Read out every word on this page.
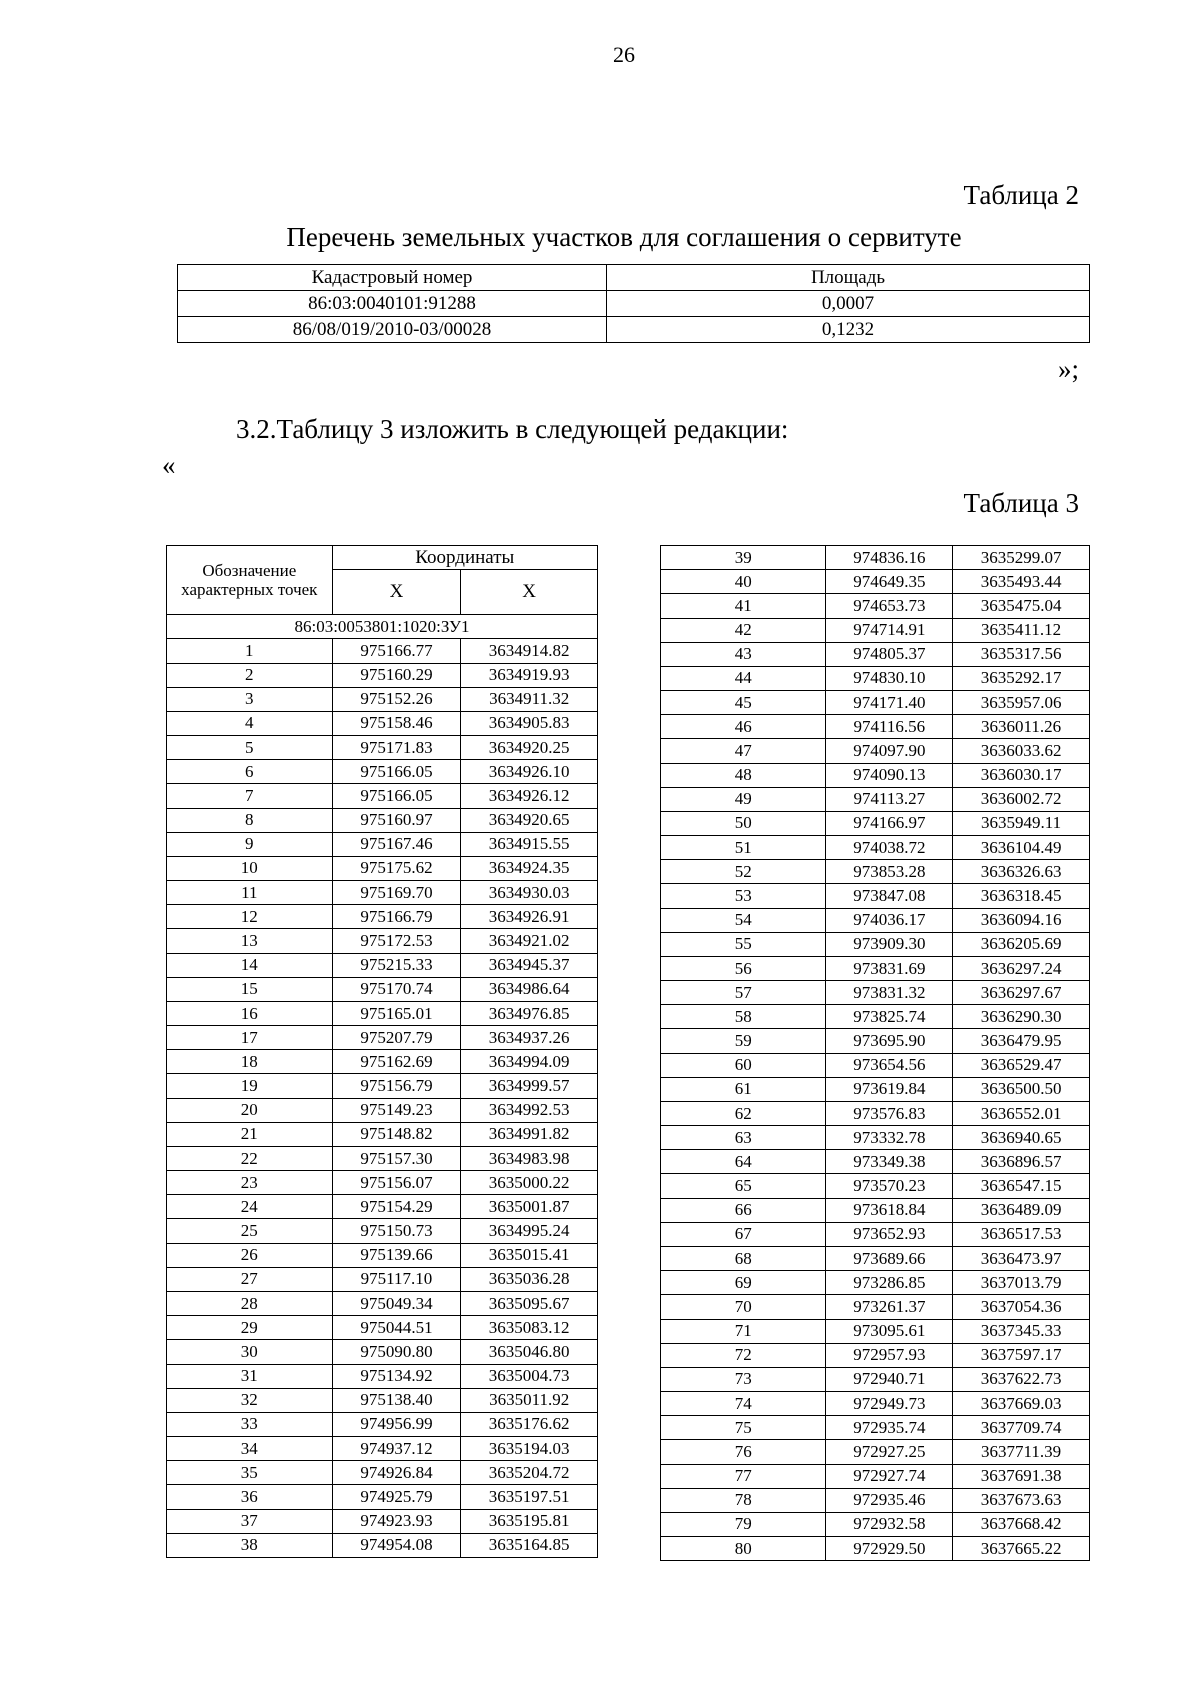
26
Таблица 2
Перечень земельных участков для соглашения о сервитуте
Кадастровый номер	Площадь
86:03:0040101:91288	0,0007
86/08/019/2010-03/00028	0,1232
»;
3.2.Таблицу 3 изложить в следующей редакции:
«
Таблица 3
Обозначение характерных точек	Координаты	
	X	X
86:03:0053801:1020:ЗУ1		
1	975166.77	3634914.82
2	975160.29	3634919.93
3	975152.26	3634911.32
4	975158.46	3634905.83
5	975171.83	3634920.25
6	975166.05	3634926.10
7	975166.05	3634926.12
8	975160.97	3634920.65
9	975167.46	3634915.55
10	975175.62	3634924.35
11	975169.70	3634930.03
12	975166.79	3634926.91
13	975172.53	3634921.02
14	975215.33	3634945.37
15	975170.74	3634986.64
16	975165.01	3634976.85
17	975207.79	3634937.26
18	975162.69	3634994.09
19	975156.79	3634999.57
20	975149.23	3634992.53
21	975148.82	3634991.82
22	975157.30	3634983.98
23	975156.07	3635000.22
24	975154.29	3635001.87
25	975150.73	3634995.24
26	975139.66	3635015.41
27	975117.10	3635036.28
28	975049.34	3635095.67
29	975044.51	3635083.12
30	975090.80	3635046.80
31	975134.92	3635004.73
32	975138.40	3635011.92
33	974956.99	3635176.62
34	974937.12	3635194.03
35	974926.84	3635204.72
36	974925.79	3635197.51
37	974923.93	3635195.81
38	974954.08	3635164.85
39	974836.16	3635299.07
40	974649.35	3635493.44
41	974653.73	3635475.04
42	974714.91	3635411.12
43	974805.37	3635317.56
44	974830.10	3635292.17
45	974171.40	3635957.06
46	974116.56	3636011.26
47	974097.90	3636033.62
48	974090.13	3636030.17
49	974113.27	3636002.72
50	974166.97	3635949.11
51	974038.72	3636104.49
52	973853.28	3636326.63
53	973847.08	3636318.45
54	974036.17	3636094.16
55	973909.30	3636205.69
56	973831.69	3636297.24
57	973831.32	3636297.67
58	973825.74	3636290.30
59	973695.90	3636479.95
60	973654.56	3636529.47
61	973619.84	3636500.50
62	973576.83	3636552.01
63	973332.78	3636940.65
64	973349.38	3636896.57
65	973570.23	3636547.15
66	973618.84	3636489.09
67	973652.93	3636517.53
68	973689.66	3636473.97
69	973286.85	3637013.79
70	973261.37	3637054.36
71	973095.61	3637345.33
72	972957.93	3637597.17
73	972940.71	3637622.73
74	972949.73	3637669.03
75	972935.74	3637709.74
76	972927.25	3637711.39
77	972927.74	3637691.38
78	972935.46	3637673.63
79	972932.58	3637668.42
80	972929.50	3637665.22
